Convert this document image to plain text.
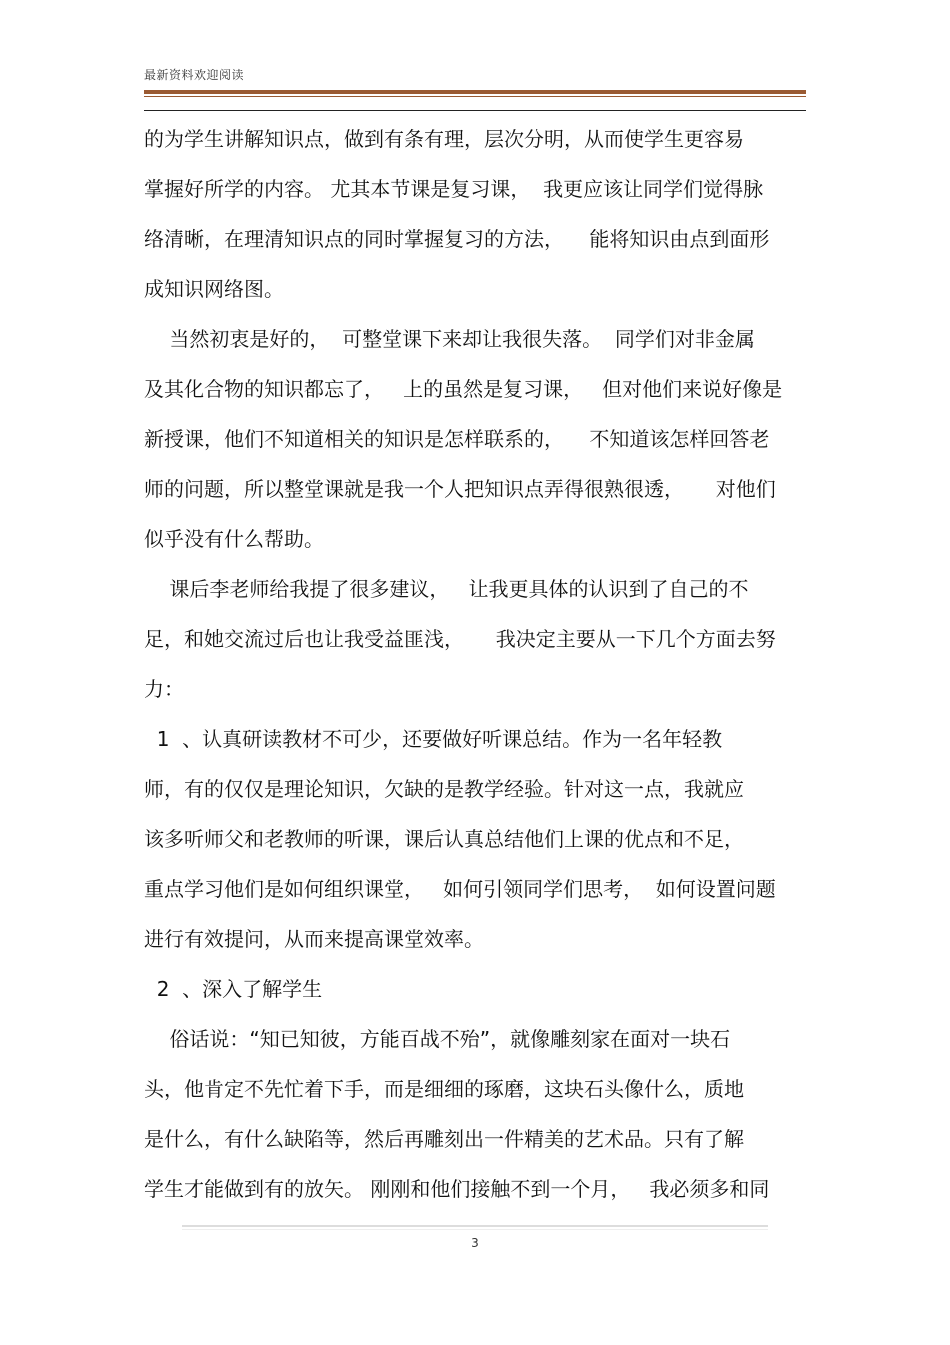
最新资料欢迎阅读
的为学生讲解知识点，做到有条有理，层次分明，从而使学生更容易
掌握好所学的内容。 尤其本节课是复习课，  我更应该让同学们觉得脉
络清晰，在理清知识点的同时掌握复习的方法，    能将知识由点到面形
成知识网络图。
当然初衷是好的，  可整堂课下来却让我很失落。  同学们对非金属
及其化合物的知识都忘了，   上的虽然是复习课，   但对他们来说好像是
新授课，他们不知道相关的知识是怎样联系的，    不知道该怎样回答老
师的问题，所以整堂课就是我一个人把知识点弄得很熟很透，     对他们
似乎没有什么帮助。
课后李老师给我提了很多建议，   让我更具体的认识到了自己的不
足，和她交流过后也让我受益匪浅，     我决定主要从一下几个方面去努
力：
1  、认真研读教材不可少，还要做好听课总结。作为一名年轻教
师，有的仅仅是理论知识，欠缺的是教学经验。针对这一点，我就应
该多听师父和老教师的听课，课后认真总结他们上课的优点和不足，
重点学习他们是如何组织课堂，   如何引领同学们思考，  如何设置问题
进行有效提问，从而来提高课堂效率。
2  、深入了解学生
俗话说：“知已知彼，方能百战不殆”，就像雕刻家在面对一块石
头，他肯定不先忙着下手，而是细细的琢磨，这块石头像什么，质地
是什么，有什么缺陷等，然后再雕刻出一件精美的艺术品。只有了解
学生才能做到有的放矢。 刚刚和他们接触不到一个月，   我必须多和同
3
